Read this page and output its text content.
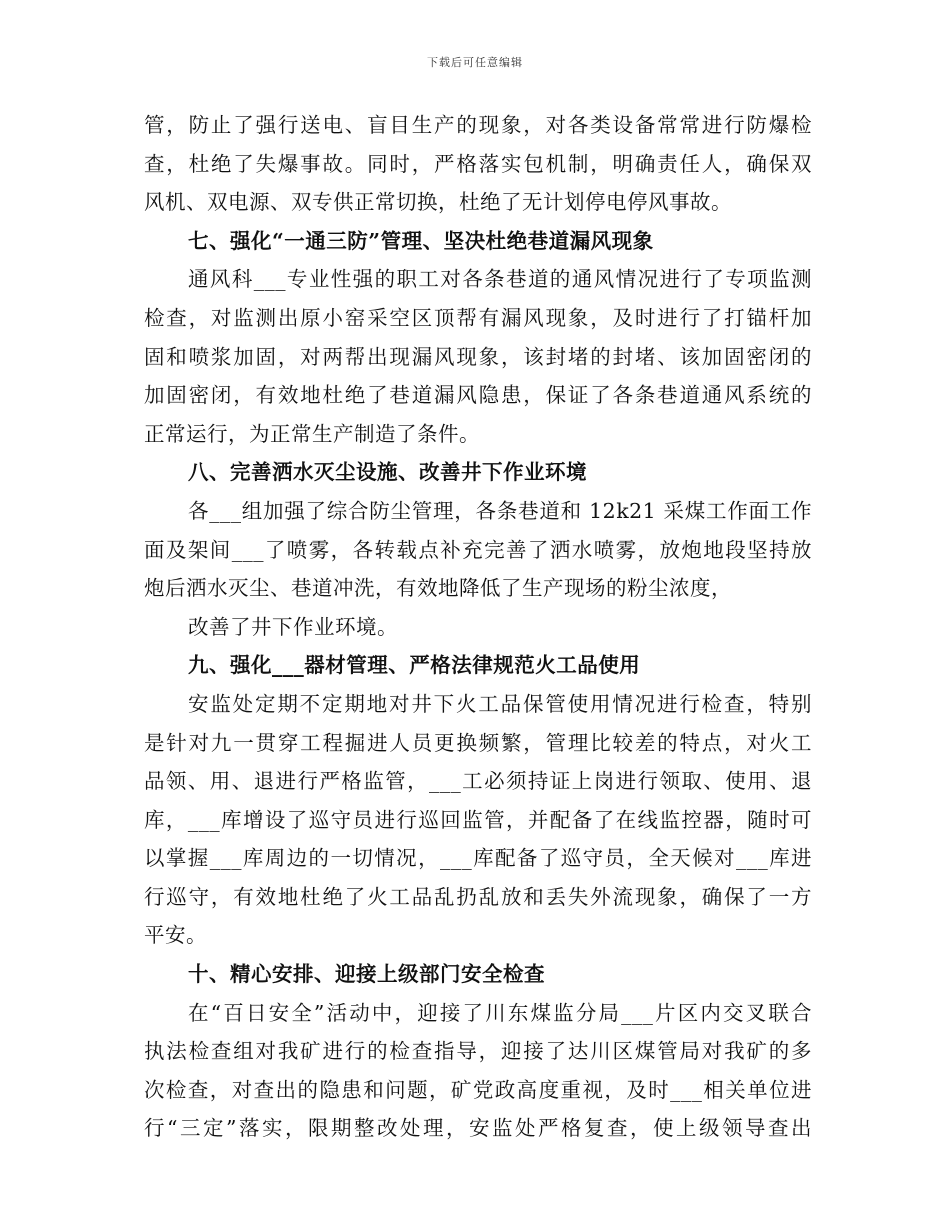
下载后可任意编辑
管，防止了强行送电、盲目生产的现象，对各类设备常常进行防爆检
查，杜绝了失爆事故。同时，严格落实包机制，明确责任人，确保双
风机、双电源、双专供正常切换，杜绝了无计划停电停风事故。
七、强化“一通三防”管理、坚决杜绝巷道漏风现象
通风科___专业性强的职工对各条巷道的通风情况进行了专项监测
检查，对监测出原小窑采空区顶帮有漏风现象，及时进行了打锚杆加
固和喷浆加固，对两帮出现漏风现象，该封堵的封堵、该加固密闭的
加固密闭，有效地杜绝了巷道漏风隐患，保证了各条巷道通风系统的
正常运行，为正常生产制造了条件。
八、完善洒水灭尘设施、改善井下作业环境
各___组加强了综合防尘管理，各条巷道和 12k21 采煤工作面工作
面及架间___了喷雾，各转载点补充完善了洒水喷雾，放炮地段坚持放
炮后洒水灭尘、巷道冲洗，有效地降低了生产现场的粉尘浓度，
改善了井下作业环境。
九、强化___器材管理、严格法律规范火工品使用
安监处定期不定期地对井下火工品保管使用情况进行检查，特别
是针对九一贯穿工程掘进人员更换频繁，管理比较差的特点，对火工
品领、用、退进行严格监管，___工必须持证上岗进行领取、使用、退
库，___库增设了巡守员进行巡回监管，并配备了在线监控器，随时可
以掌握___库周边的一切情况，___库配备了巡守员，全天候对___库进
行巡守，有效地杜绝了火工品乱扔乱放和丢失外流现象，确保了一方
平安。
十、精心安排、迎接上级部门安全检查
在“百日安全”活动中，迎接了川东煤监分局___片区内交叉联合
执法检查组对我矿进行的检查指导，迎接了达川区煤管局对我矿的多
次检查，对查出的隐患和问题，矿党政高度重视，及时___相关单位进
行“三定”落实，限期整改处理，安监处严格复查，使上级领导查出
